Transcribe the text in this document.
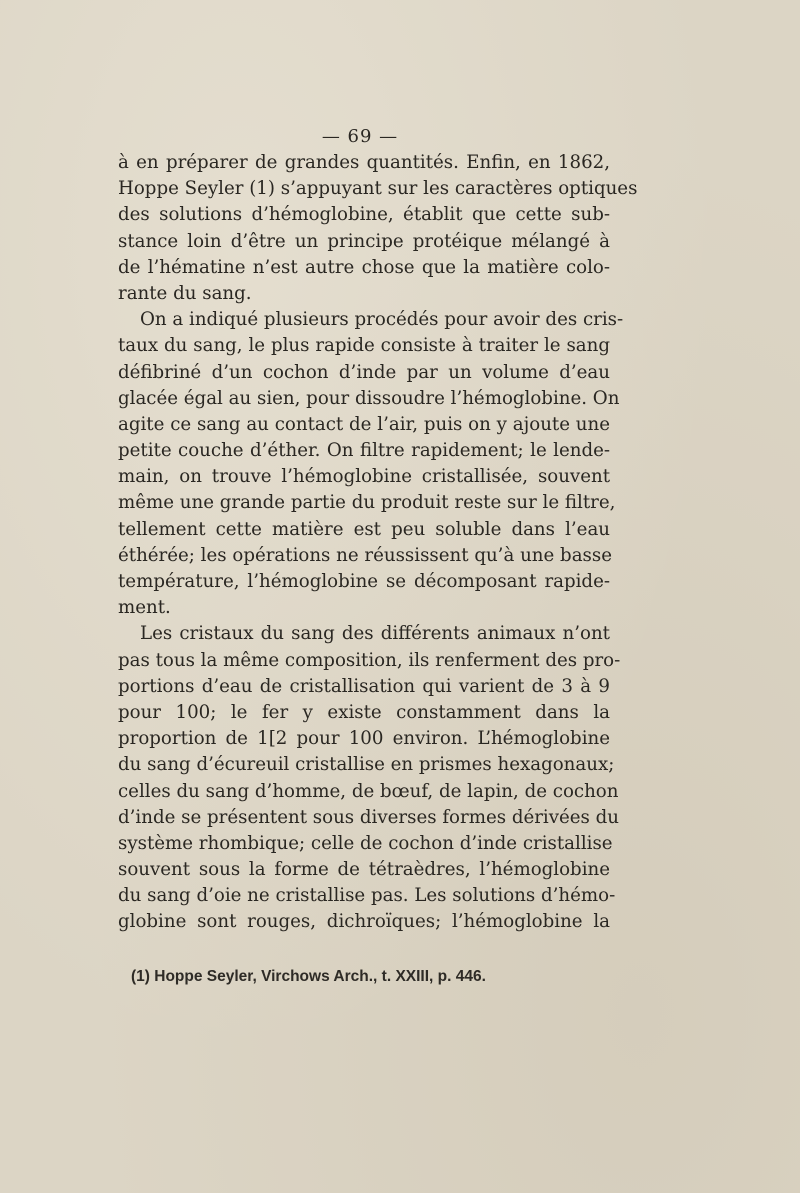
— 69 —
à en préparer de grandes quantités. Enfin, en 1862,
Hoppe Seyler (1) s’appuyant sur les caractères optiques
des solutions d’hémoglobine, établit que cette sub-
stance loin d’être un principe protéique mélangé à
de l’hématine n’est autre chose que la matière colo-
rante du sang.
On a indiqué plusieurs procédés pour avoir des cris-
taux du sang, le plus rapide consiste à traiter le sang
défibriné d’un cochon d’inde par un volume d’eau
glacée égal au sien, pour dissoudre l’hémoglobine. On
agite ce sang au contact de l’air, puis on y ajoute une
petite couche d’éther. On filtre rapidement; le lende-
main, on trouve l’hémoglobine cristallisée, souvent
même une grande partie du produit reste sur le filtre,
tellement cette matière est peu soluble dans l’eau
éthérée; les opérations ne réussissent qu’à une basse
température, l’hémoglobine se décomposant rapide-
ment.
Les cristaux du sang des différents animaux n’ont
pas tous la même composition, ils renferment des pro-
portions d’eau de cristallisation qui varient de 3 à 9
pour 100; le fer y existe constamment dans la
proportion de 1[2 pour 100 environ. L’hémoglobine
du sang d’écureuil cristallise en prismes hexagonaux;
celles du sang d’homme, de bœuf, de lapin, de cochon
d’inde se présentent sous diverses formes dérivées du
système rhombique; celle de cochon d’inde cristallise
souvent sous la forme de tétraèdres, l’hémoglobine
du sang d’oie ne cristallise pas. Les solutions d’hémo-
globine sont rouges, dichroïques; l’hémoglobine la
(1) Hoppe Seyler, Virchows Arch., t. XXIII, p. 446.
